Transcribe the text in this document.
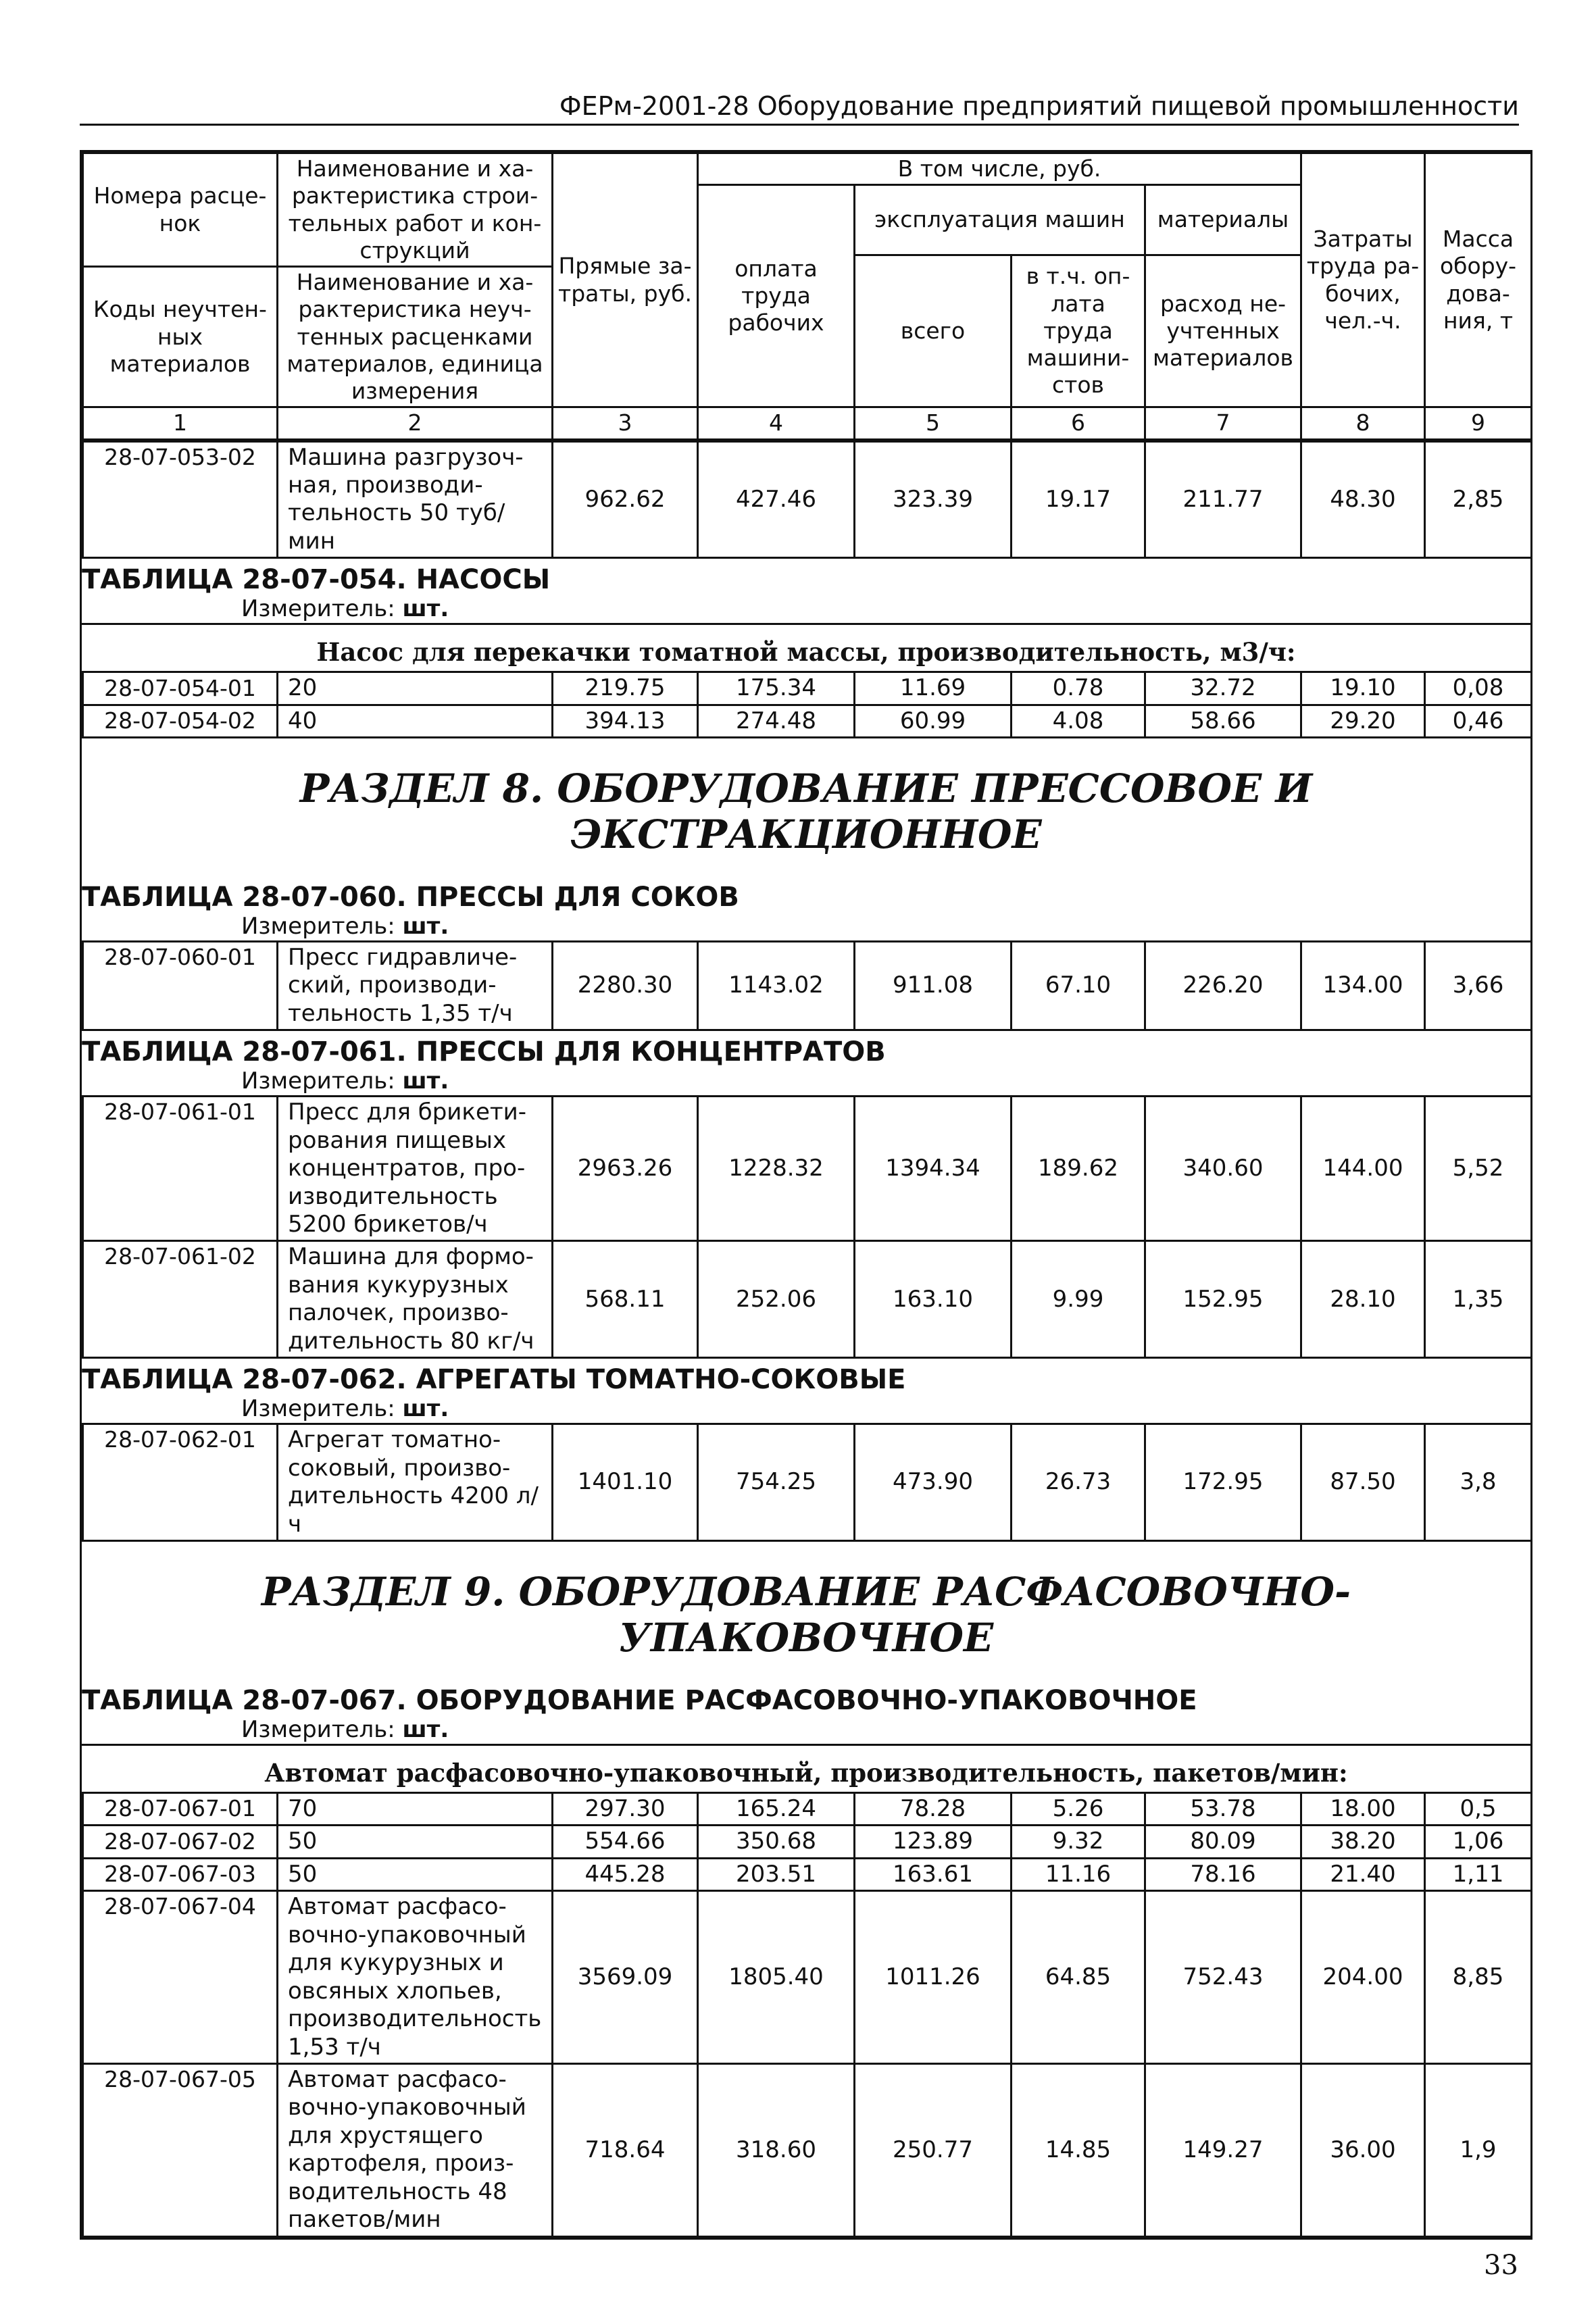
ФЕРм-2001-28 Оборудование предприятий пищевой промышленности
Номера расце-нок	Наименование и ха-рактеристика строи-тельных работ и кон-струкций	Прямые за-траты, руб.	В том числе, руб.				Затраты труда ра-бочих, чел.-ч.	Масса обору-дова-ния, т
			оплата труда рабочих	эксплуатация машин		материалы		
				всего	в т.ч. оп-лата труда машини-стов	расход не-учтенных материалов		
Коды неучтен-ных материалов	Наименование и ха-рактеристика неуч-тенных расценками материалов, единица измерения							

1	2	3	4	5	6	7	8	9
28-07-053-02	Машина разгрузоч-ная, производи-тельность 50 туб/мин	962.62	427.46	323.39	19.17	211.77	48.30	2,85
ТАБЛИЦА 28-07-054. НАСОСЫ
Измеритель: шт.
Насос для перекачки томатной массы, производительность, м3/ч:
28-07-054-01	20	219.75	175.34	11.69	0.78	32.72	19.10	0,08
28-07-054-02	40	394.13	274.48	60.99	4.08	58.66	29.20	0,46
РАЗДЕЛ 8. ОБОРУДОВАНИЕ ПРЕССОВОЕ И ЭКСТРАКЦИОННОЕ
ТАБЛИЦА 28-07-060. ПРЕССЫ ДЛЯ СОКОВ
Измеритель: шт.
28-07-060-01	Пресс гидравличе-ский, производи-тельность 1,35 т/ч	2280.30	1143.02	911.08	67.10	226.20	134.00	3,66
ТАБЛИЦА 28-07-061. ПРЕССЫ ДЛЯ КОНЦЕНТРАТОВ
Измеритель: шт.
28-07-061-01	Пресс для брикети-рования пищевых концентратов, про-изводительность 5200 брикетов/ч	2963.26	1228.32	1394.34	189.62	340.60	144.00	5,52
28-07-061-02	Машина для формо-вания кукурузных палочек, произво-дительность 80 кг/ч	568.11	252.06	163.10	9.99	152.95	28.10	1,35
ТАБЛИЦА 28-07-062. АГРЕГАТЫ ТОМАТНО-СОКОВЫЕ
Измеритель: шт.
28-07-062-01	Агрегат томатно-соковый, произво-дительность 4200 л/ч	1401.10	754.25	473.90	26.73	172.95	87.50	3,8
РАЗДЕЛ 9. ОБОРУДОВАНИЕ РАСФАСОВОЧНО-УПАКОВОЧНОЕ
ТАБЛИЦА 28-07-067. ОБОРУДОВАНИЕ РАСФАСОВОЧНО-УПАКОВОЧНОЕ
Измеритель: шт.
Автомат расфасовочно-упаковочный, производительность, пакетов/мин:
28-07-067-01	70	297.30	165.24	78.28	5.26	53.78	18.00	0,5
28-07-067-02	50	554.66	350.68	123.89	9.32	80.09	38.20	1,06
28-07-067-03	50	445.28	203.51	163.61	11.16	78.16	21.40	1,11
28-07-067-04	Автомат расфасо-вочно-упаковочный для кукурузных и овсяных хлопьев, производительность 1,53 т/ч	3569.09	1805.40	1011.26	64.85	752.43	204.00	8,85
28-07-067-05	Автомат расфасо-вочно-упаковочный для хрустящего картофеля, произ-водительность 48 пакетов/мин	718.64	318.60	250.77	14.85	149.27	36.00	1,9
33
